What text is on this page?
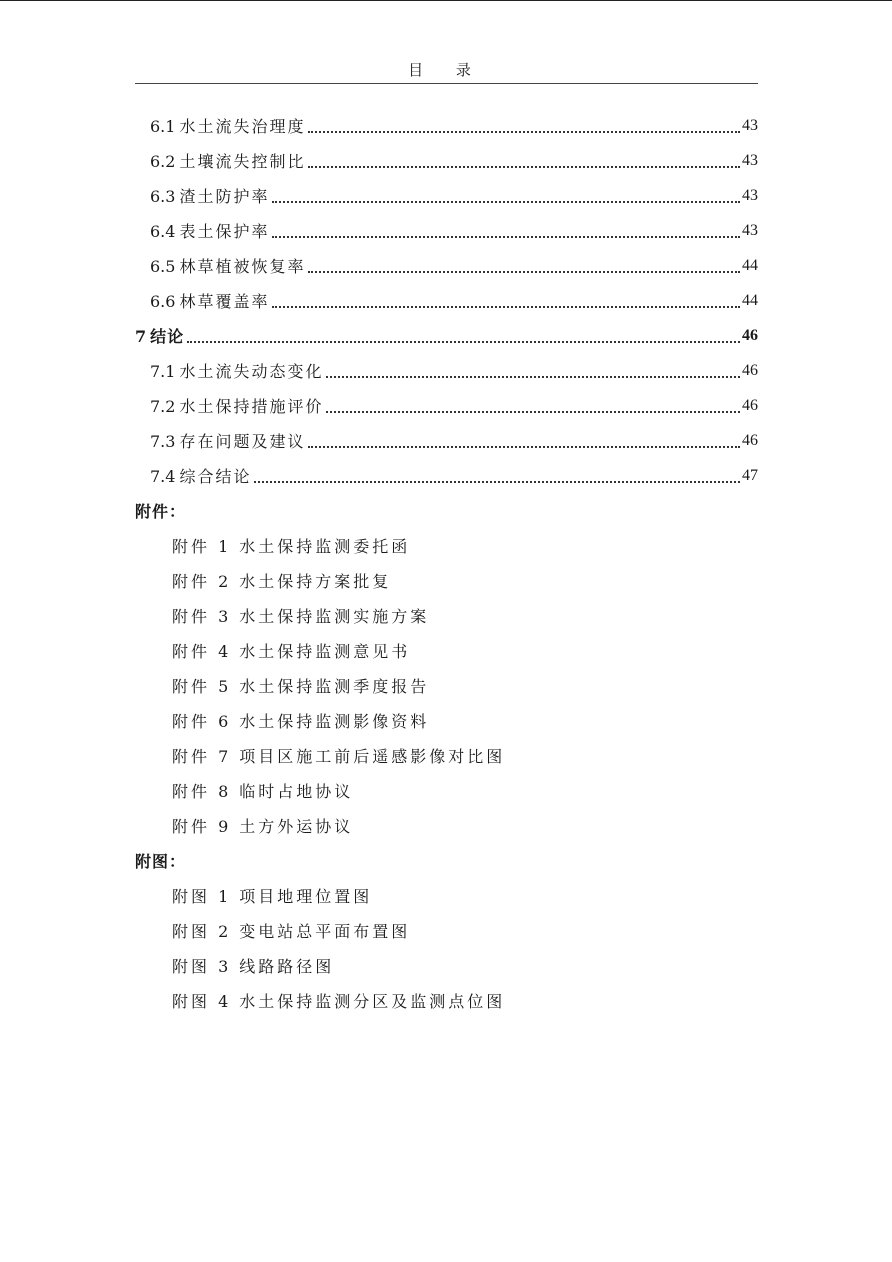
目 录
6.1 水土流失治理度	43
6.2 土壤流失控制比	43
6.3 渣土防护率	43
6.4 表土保护率	43
6.5 林草植被恢复率	44
6.6 林草覆盖率	44
7 结论	46
7.1 水土流失动态变化	46
7.2 水土保持措施评价	46
7.3 存在问题及建议	46
7.4 综合结论	47
附件：
附件 1 水土保持监测委托函
附件 2 水土保持方案批复
附件 3 水土保持监测实施方案
附件 4 水土保持监测意见书
附件 5 水土保持监测季度报告
附件 6 水土保持监测影像资料
附件 7 项目区施工前后遥感影像对比图
附件 8 临时占地协议
附件 9 土方外运协议
附图：
附图 1 项目地理位置图
附图 2 变电站总平面布置图
附图 3 线路路径图
附图 4 水土保持监测分区及监测点位图
